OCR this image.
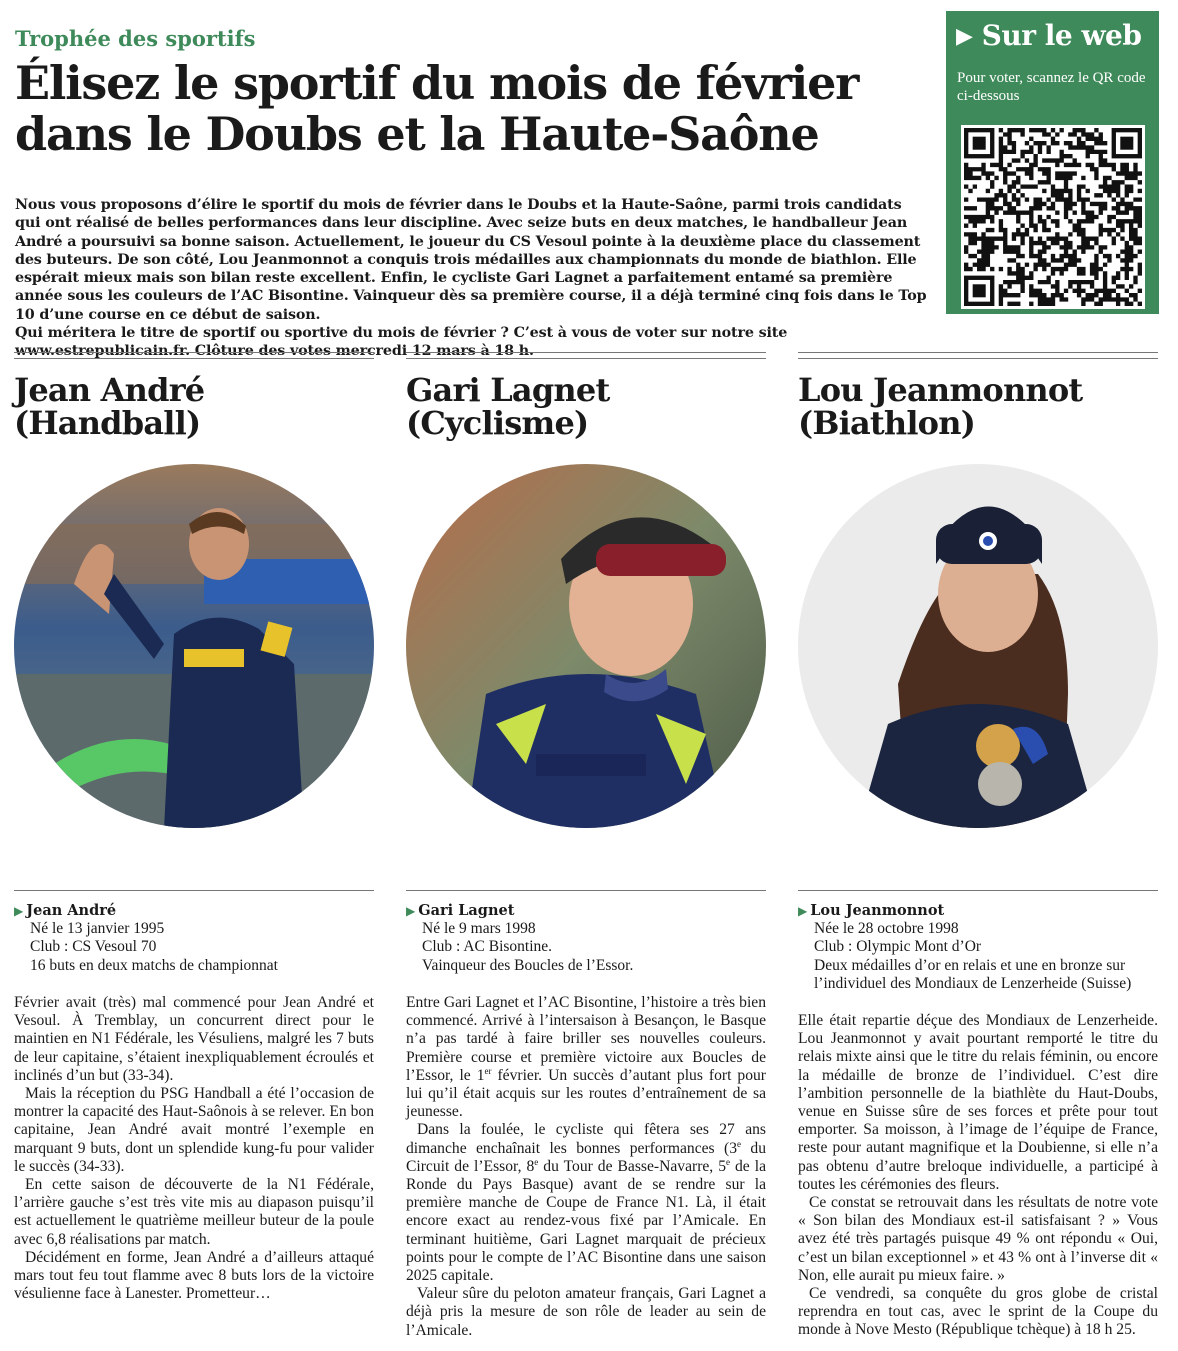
Trophée des sportifs
Élisez le sportif du mois de février
dans le Doubs et la Haute-Saône

Nous vous proposons d’élire le sportif du mois de février dans le Doubs et la Haute-Saône, parmi trois candidats qui ont réalisé de belles performances dans leur discipline. Avec seize buts en deux matches, le handballeur Jean André a poursuivi sa bonne saison. Actuellement, le joueur du CS Vesoul pointe à la deuxième place du classement des buteurs. De son côté, Lou Jeanmonnot a conquis trois médailles aux championnats du monde de biathlon. Elle espérait mieux mais son bilan reste excellent. Enfin, le cycliste Gari Lagnet a parfaitement entamé sa première année sous les couleurs de l’AC Bisontine. Vainqueur dès sa première course, il a déjà terminé cinq fois dans le Top 10 d’une course en ce début de saison.

Qui méritera le titre de sportif ou sportive du mois de février ? C’est à vous de voter sur notre site www.estrepublicain.fr. Clôture des votes mercredi 12 mars à 18 h.

▶ Sur le web
Pour voter, scannez le QR code ci-dessous
Jean André
(Handball)
▶ Jean André
Né le 13 janvier 1995
Club : CS Vesoul 70
16 buts en deux matchs de championnat

Février avait (très) mal commencé pour Jean André et Vesoul. À Tremblay, un concurrent direct pour le maintien en N1 Fédérale, les Vésuliens, malgré les 7 buts de leur capitaine, s’étaient inexpliquablement écroulés et inclinés d’un but (33-34).

Mais la réception du PSG Handball a été l’occasion de montrer la capacité des Haut-Saônois à se relever. En bon capitaine, Jean André avait montré l’exemple en marquant 9 buts, dont un splendide kung-fu pour valider le succès (34-33).

En cette saison de découverte de la N1 Fédérale, l’arrière gauche s’est très vite mis au diapason puisqu’il est actuellement le quatrième meilleur buteur de la poule avec 6,8 réalisations par match.

Décidément en forme, Jean André a d’ailleurs attaqué mars tout feu tout flamme avec 8 buts lors de la victoire vésulienne face à Lanester. Prometteur…

Gari Lagnet
(Cyclisme)
▶ Gari Lagnet
Né le 9 mars 1998
Club : AC Bisontine.
Vainqueur des Boucles de l’Essor.

Entre Gari Lagnet et l’AC Bisontine, l’histoire a très bien commencé. Arrivé à l’intersaison à Besançon, le Basque n’a pas tardé à faire briller ses nouvelles couleurs. Première course et première victoire aux Boucles de l’Essor, le 1er février. Un succès d’autant plus fort pour lui qu’il était acquis sur les routes d’entraînement de sa jeunesse.

Dans la foulée, le cycliste qui fêtera ses 27 ans dimanche enchaînait les bonnes performances (3e du Circuit de l’Essor, 8e du Tour de Basse-Navarre, 5e de la Ronde du Pays Basque) avant de se rendre sur la première manche de Coupe de France N1. Là, il était encore exact au rendez-vous fixé par l’Amicale. En terminant huitième, Gari Lagnet marquait de précieux points pour le compte de l’AC Bisontine dans une saison 2025 capitale.

Valeur sûre du peloton amateur français, Gari Lagnet a déjà pris la mesure de son rôle de leader au sein de l’Amicale.

Lou Jeanmonnot
(Biathlon)
▶ Lou Jeanmonnot
Née le 28 octobre 1998
Club : Olympic Mont d’Or
Deux médailles d’or en relais et une en bronze sur l’individuel des Mondiaux de Lenzerheide (Suisse)

Elle était repartie déçue des Mondiaux de Lenzerheide. Lou Jeanmonnot y avait pourtant remporté le titre du relais mixte ainsi que le titre du relais féminin, ou encore la médaille de bronze de l’individuel. C’est dire l’ambition personnelle de la biathlète du Haut-Doubs, venue en Suisse sûre de ses forces et prête pour tout emporter. Sa moisson, à l’image de l’équipe de France, reste pour autant magnifique et la Doubienne, si elle n’a pas obtenu d’autre breloque individuelle, a participé à toutes les cérémonies des fleurs.

Ce constat se retrouvait dans les résultats de notre vote « Son bilan des Mondiaux est-il satisfaisant ? » Vous avez été très partagés puisque 49 % ont répondu « Oui, c’est un bilan exceptionnel » et 43 % ont à l’inverse dit « Non, elle aurait pu mieux faire. »

Ce vendredi, sa conquête du gros globe de cristal reprendra en tout cas, avec le sprint de la Coupe du monde à Nove Mesto (République tchèque) à 18 h 25.
